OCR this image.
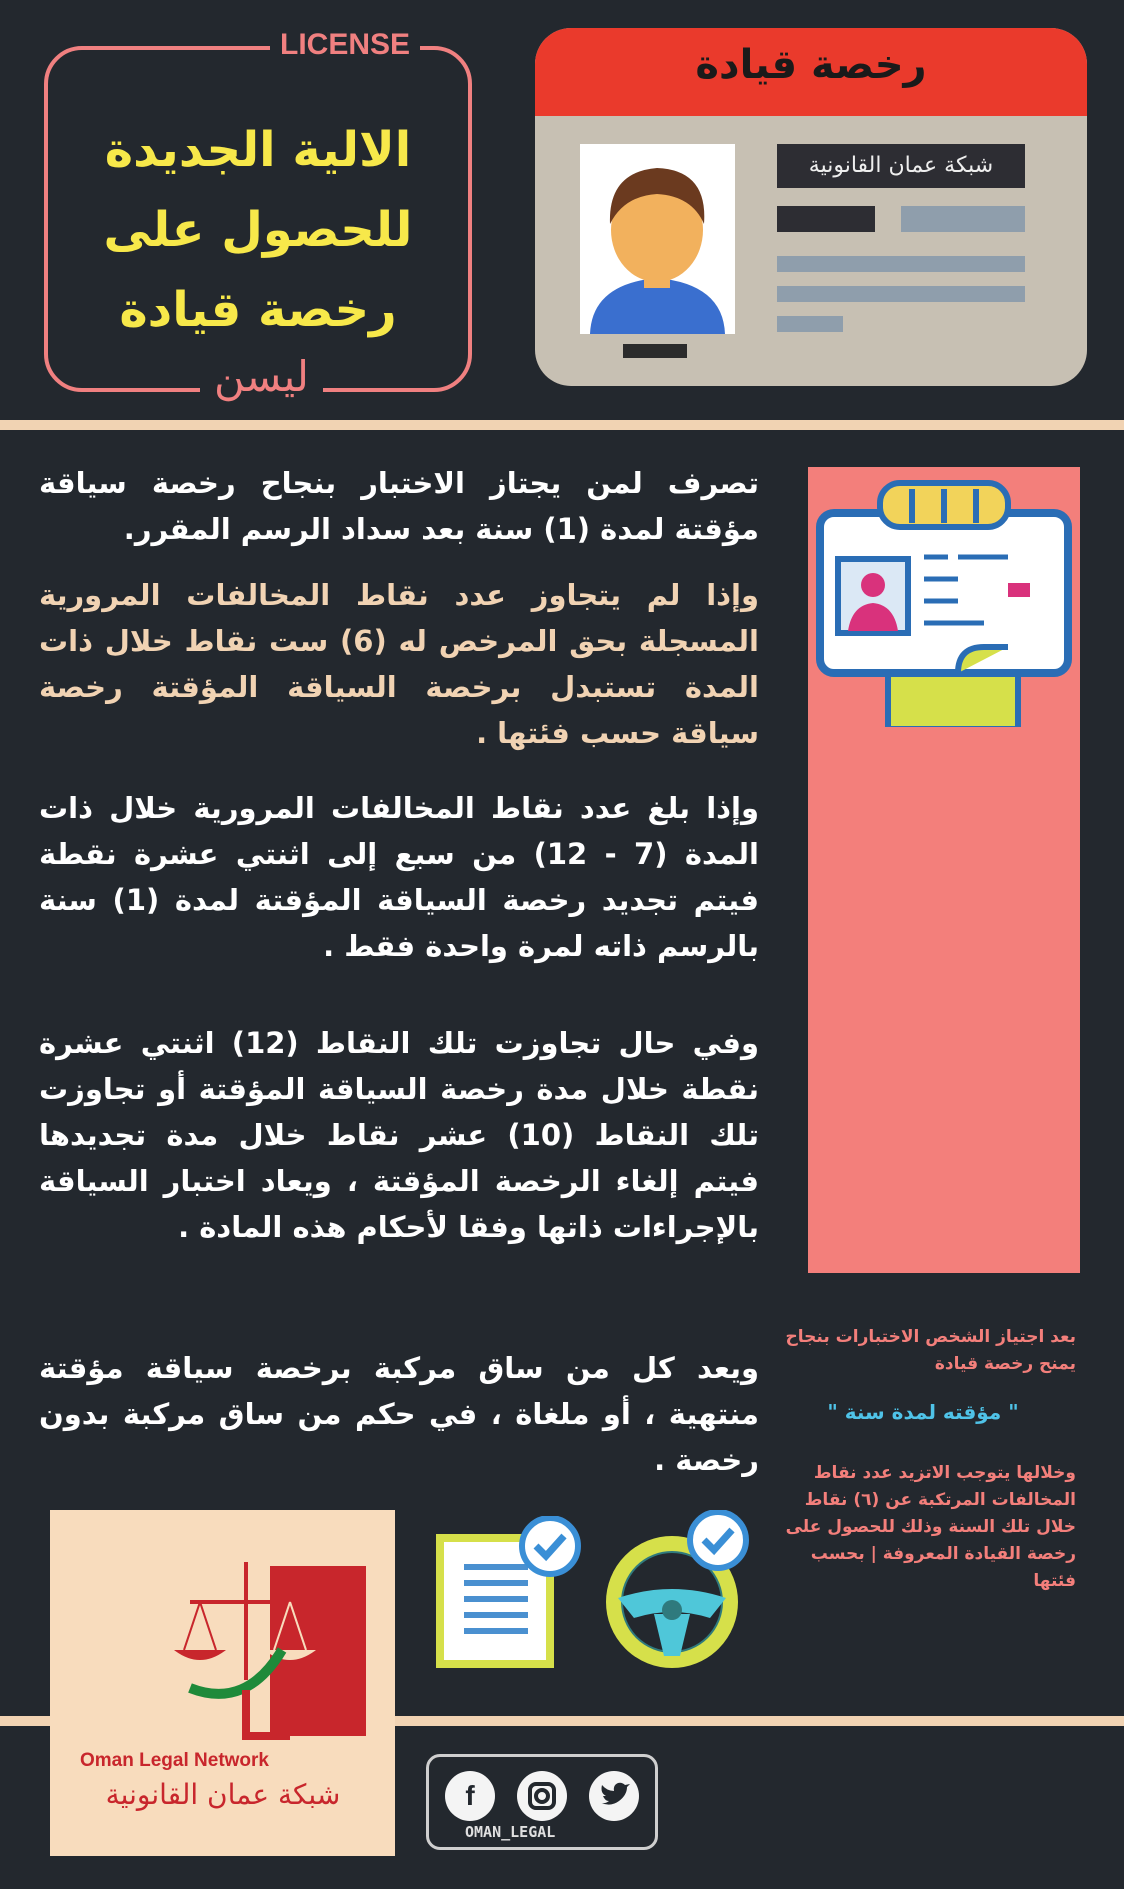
LICENSE
الالية الجديدة
للحصول على
رخصة قيادة
ليسن
رخصة قيادة
شبكة عمان القانونية
تصرف لمن يجتاز الاختبار بنجاح رخصة سياقة مؤقتة لمدة (1) سنة بعد سداد الرسم المقرر.
وإذا لم يتجاوز عدد نقاط المخالفات المرورية المسجلة بحق المرخص له (6) ست نقاط خلال ذات المدة تستبدل برخصة السياقة المؤقتة رخصة سياقة حسب فئتها .
وإذا بلغ عدد نقاط المخالفات المرورية خلال ذات المدة (7 - 12) من سبع إلى اثنتي عشرة نقطة فيتم تجديد رخصة السياقة المؤقتة لمدة (1) سنة بالرسم ذاته لمرة واحدة فقط .
وفي حال تجاوزت تلك النقاط (12) اثنتي عشرة نقطة خلال مدة رخصة السياقة المؤقتة أو تجاوزت تلك النقاط (10) عشر نقاط خلال مدة تجديدها فيتم إلغاء الرخصة المؤقتة ، ويعاد اختبار السياقة بالإجراءات ذاتها وفقا لأحكام هذه المادة .
ويعد كل من ساق مركبة برخصة سياقة مؤقتة منتهية ، أو ملغاة ، في حكم من ساق مركبة بدون رخصة .
بعد اجتياز الشخص الاختبارات بنجاح يمنح رخصة قيادة
" مؤقته لمدة سنة "
وخلالها يتوجب الاتزيد عدد نقاط المخالفات المرتكبة عن (٦) نقاط خلال تلك السنة وذلك للحصول على رخصة القيادة المعروفة | بحسب فئتها
Oman Legal Network
شبكة عمان القانونية	f
OMAN_LEGAL
